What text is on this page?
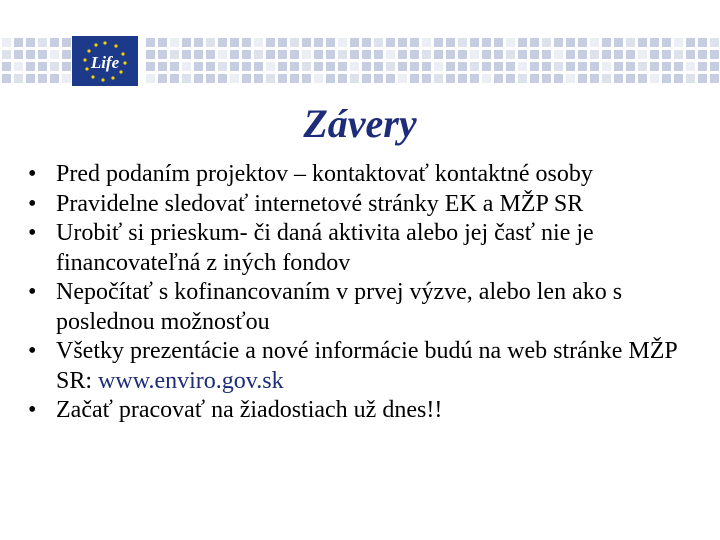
Life
Závery
• Pred podaním projektov – kontaktovať kontaktné osoby
• Pravidelne sledovať internetové stránky EK a MŽP SR
• Urobiť si prieskum- či daná aktivita alebo jej časť nie je financovateľná z iných fondov
• Nepočítať s kofinancovaním v prvej výzve, alebo len ako s poslednou možnosťou
• Všetky prezentácie a nové informácie budú na web stránke MŽP SR: www.enviro.gov.sk
• Začať pracovať na žiadostiach už dnes!!
